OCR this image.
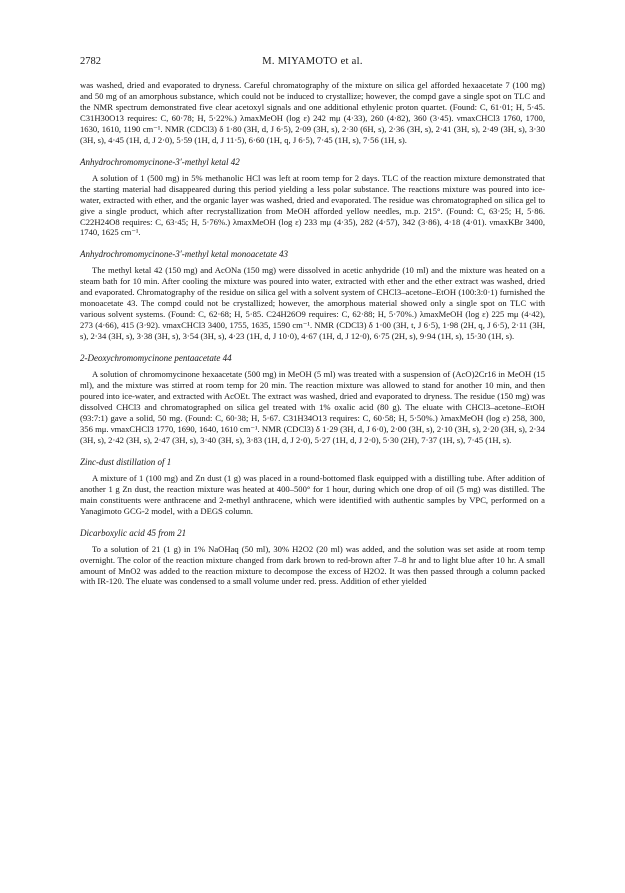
2782	M. MIYAMOTO et al.

was washed, dried and evaporated to dryness. Careful chromatography of the mixture on silica gel afforded hexaacetate 7 (100 mg) and 50 mg of an amorphous substance, which could not be induced to crystallize; however, the compd gave a single spot on TLC and the NMR spectrum demonstrated five clear acetoxyl signals and one additional ethylenic proton quartet. (Found: C, 61·01; H, 5·45. C31H30O13 requires: C, 60·78; H, 5·22%.) λmaxMeOH (log ε) 242 mμ (4·33), 260 (4·82), 360 (3·45). νmaxCHCl3 1760, 1700, 1630, 1610, 1190 cm⁻¹. NMR (CDCl3) δ 1·80 (3H, d, J 6·5), 2·09 (3H, s), 2·30 (6H, s), 2·36 (3H, s), 2·41 (3H, s), 2·49 (3H, s), 3·30 (3H, s), 4·45 (1H, d, J 2·0), 5·59 (1H, d, J 11·5), 6·60 (1H, q, J 6·5), 7·45 (1H, s), 7·56 (1H, s).

Anhydrochromomycinone-3′-methyl ketal 42

A solution of 1 (500 mg) in 5% methanolic HCl was left at room temp for 2 days. TLC of the reaction mixture demonstrated that the starting material had disappeared during this period yielding a less polar substance. The reactions mixture was poured into ice-water, extracted with ether, and the organic layer was washed, dried and evaporated. The residue was chromatographed on silica gel to give a single product, which after recrystallization from MeOH afforded yellow needles, m.p. 215°. (Found: C, 63·25; H, 5·86. C22H24O8 requires: C, 63·45; H, 5·76%.) λmaxMeOH (log ε) 233 mμ (4·35), 282 (4·57), 342 (3·86), 4·18 (4·01). νmaxKBr 3400, 1740, 1625 cm⁻¹.

Anhydrochromomycinone-3′-methyl ketal monoacetate 43

The methyl ketal 42 (150 mg) and AcONa (150 mg) were dissolved in acetic anhydride (10 ml) and the mixture was heated on a steam bath for 10 min. After cooling the mixture was poured into water, extracted with ether and the ether extract was washed, dried and evaporated. Chromatography of the residue on silica gel with a solvent system of CHCl3–acetone–EtOH (100:3:0·1) furnished the monoacetate 43. The compd could not be crystallized; however, the amorphous material showed only a single spot on TLC with various solvent systems. (Found: C, 62·68; H, 5·85. C24H26O9 requires: C, 62·88; H, 5·70%.) λmaxMeOH (log ε) 225 mμ (4·42), 273 (4·66), 415 (3·92). νmaxCHCl3 3400, 1755, 1635, 1590 cm⁻¹. NMR (CDCl3) δ 1·00 (3H, t, J 6·5), 1·98 (2H, q, J 6·5), 2·11 (3H, s), 2·34 (3H, s), 3·38 (3H, s), 3·54 (3H, s), 4·23 (1H, d, J 10·0), 4·67 (1H, d, J 12·0), 6·75 (2H, s), 9·94 (1H, s), 15·30 (1H, s).

2-Deoxychromomycinone pentaacetate 44

A solution of chromomycinone hexaacetate (500 mg) in MeOH (5 ml) was treated with a suspension of (AcO)2Cr16 in MeOH (15 ml), and the mixture was stirred at room temp for 20 min. The reaction mixture was allowed to stand for another 10 min, and then poured into ice-water, and extracted with AcOEt. The extract was washed, dried and evaporated to dryness. The residue (150 mg) was dissolved CHCl3 and chromatographed on silica gel treated with 1% oxalic acid (80 g). The eluate with CHCl3–acetone–EtOH (93:7:1) gave a solid, 50 mg. (Found: C, 60·38; H, 5·67. C31H34O13 requires: C, 60·58; H, 5·50%.) λmaxMeOH (log ε) 258, 300, 356 mμ. νmaxCHCl3 1770, 1690, 1640, 1610 cm⁻¹. NMR (CDCl3) δ 1·29 (3H, d, J 6·0), 2·00 (3H, s), 2·10 (3H, s), 2·20 (3H, s), 2·34 (3H, s), 2·42 (3H, s), 2·47 (3H, s), 3·40 (3H, s), 3·83 (1H, d, J 2·0), 5·27 (1H, d, J 2·0), 5·30 (2H), 7·37 (1H, s), 7·45 (1H, s).

Zinc-dust distillation of 1

A mixture of 1 (100 mg) and Zn dust (1 g) was placed in a round-bottomed flask equipped with a distilling tube. After addition of another 1 g Zn dust, the reaction mixture was heated at 400–500° for 1 hour, during which one drop of oil (5 mg) was distilled. The main constituents were anthracene and 2-methyl anthracene, which were identified with authentic samples by VPC, performed on a Yanagimoto GCG-2 model, with a DEGS column.

Dicarboxylic acid 45 from 21

To a solution of 21 (1 g) in 1% NaOHaq (50 ml), 30% H2O2 (20 ml) was added, and the solution was set aside at room temp overnight. The color of the reaction mixture changed from dark brown to red-brown after 7–8 hr and to light blue after 10 hr. A small amount of MnO2 was added to the reaction mixture to decompose the excess of H2O2. It was then passed through a column packed with IR-120. The eluate was condensed to a small volume under red. press. Addition of ether yielded
